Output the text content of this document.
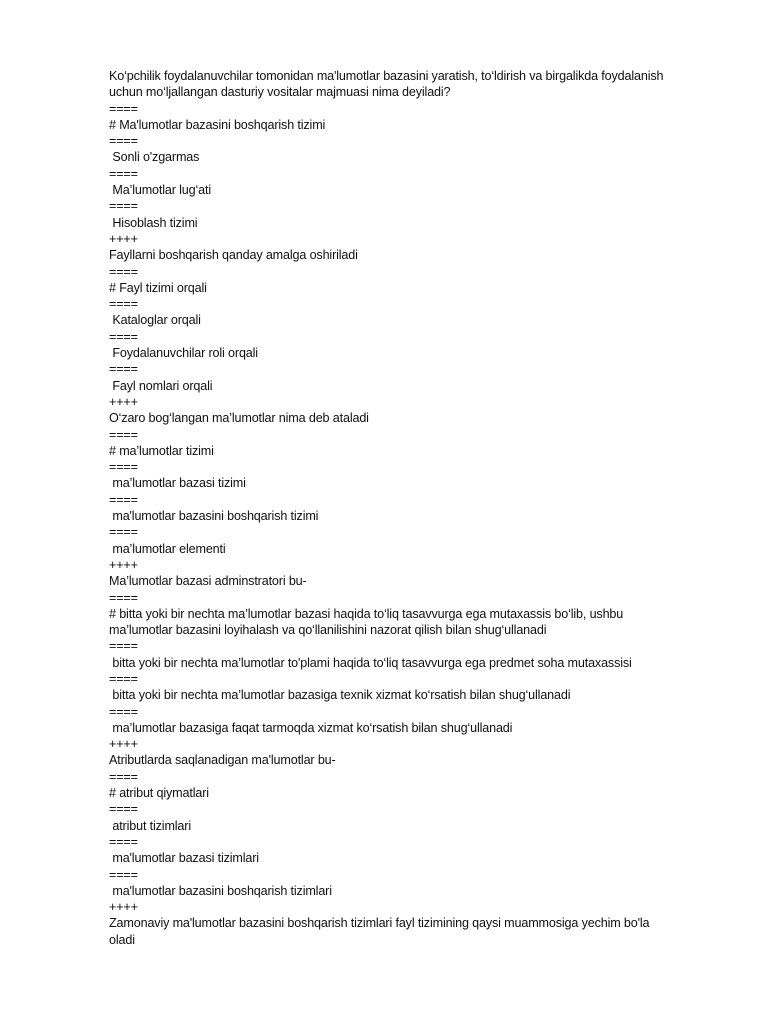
Ko‘pchilik foydalanuvchilar tomonidan ma'lumotlar bazasini yaratish, to‘ldirish va birgalikda foydalanish
uchun mo‘ljallangan dasturiy vositalar majmuasi nima deyiladi?
====
# Ma'lumotlar bazasini boshqarish tizimi
====
Sonli o'zgarmas
====
Ma’lumotlar lug‘ati
====
Hisoblash tizimi
++++
Fayllarni boshqarish qanday amalga oshiriladi
====
# Fayl tizimi orqali
====
Kataloglar orqali
====
Foydalanuvchilar roli orqali
====
Fayl nomlari orqali
++++
O‘zaro bog‘langan ma’lumotlar nima deb ataladi
====
# ma’lumotlar tizimi
====
ma’lumotlar bazasi tizimi
====
ma'lumotlar bazasini boshqarish tizimi
====
ma’lumotlar elementi
++++
Ma’lumotlar bazasi adminstratori bu-
====
# bitta yoki bir nechta ma’lumotlar bazasi haqida to‘liq tasavvurga ega mutaxassis bo‘lib, ushbu
ma’lumotlar bazasini loyihalash va qo‘llanilishini nazorat qilish bilan shug‘ullanadi
====
bitta yoki bir nechta ma’lumotlar to'plami haqida to‘liq tasavvurga ega predmet soha mutaxassisi
====
bitta yoki bir nechta ma’lumotlar bazasiga texnik xizmat ko‘rsatish bilan shug‘ullanadi
====
ma’lumotlar bazasiga faqat tarmoqda xizmat ko‘rsatish bilan shug‘ullanadi
++++
Atributlarda saqlanadigan ma'lumotlar bu-
====
# atribut qiymatlari
====
atribut tizimlari
====
ma'lumotlar bazasi tizimlari
====
ma'lumotlar bazasini boshqarish tizimlari
++++
Zamonaviy ma'lumotlar bazasini boshqarish tizimlari fayl tizimining qaysi muammosiga yechim bo'la
oladi
